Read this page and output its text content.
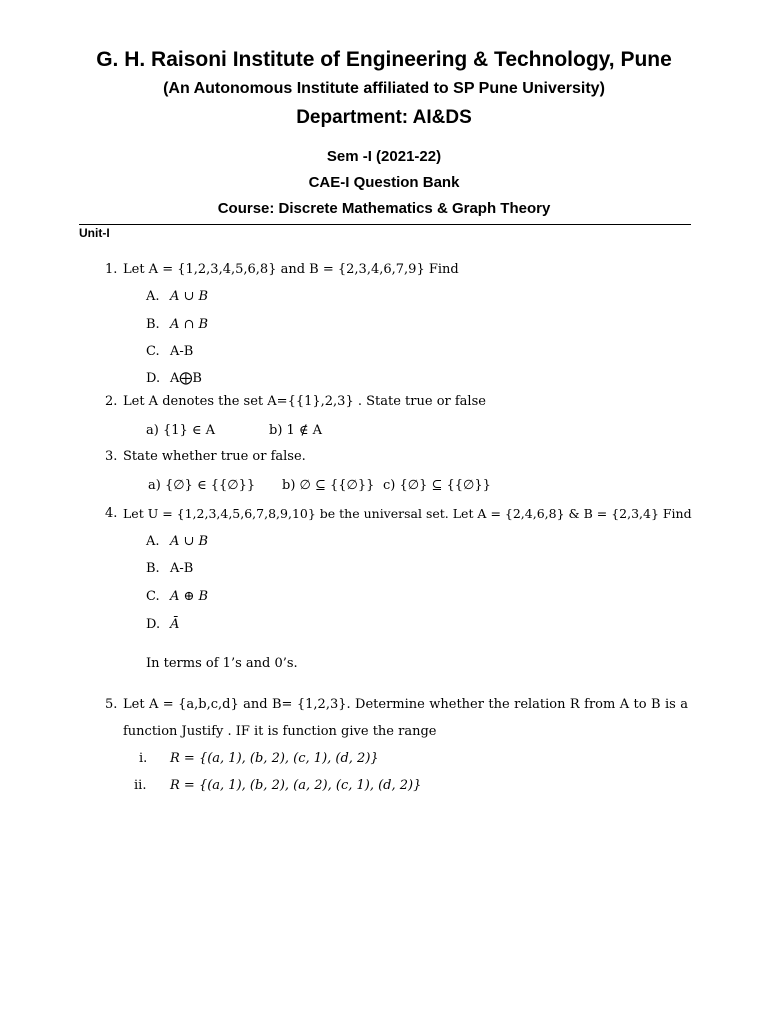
G. H. Raisoni Institute of Engineering & Technology, Pune
(An Autonomous Institute affiliated to SP Pune University)
Department: AI&DS
Sem -I (2021-22)
CAE-I Question Bank
Course: Discrete Mathematics & Graph Theory
Unit-I
1. Let A = {1,2,3,4,5,6,8} and B = {2,3,4,6,7,9} Find
A. A ∪ B
B. A ∩ B
C. A-B
D. A⨁B
2. Let A denotes the set A={{1},2,3} . State true or false
a) {1} ∈ A	b) 1 ∉ A
3. State whether true or false.
a) {∅} ∈ {{∅}} b) ∅ ⊆ {{∅}} c) {∅} ⊆ {{∅}}
4. Let U = {1,2,3,4,5,6,7,8,9,10} be the universal set. Let A = {2,4,6,8} & B = {2,3,4} Find
A. A ∪ B
B. A-B
C. A ⊕ B
D. Ā
In terms of 1’s and 0’s.
5. Let A = {a,b,c,d} and B= {1,2,3}. Determine whether the relation R from A to B is a
function Justify . IF it is function give the range
i. R = {(a, 1), (b, 2), (c, 1), (d, 2)}
ii. R = {(a, 1), (b, 2), (a, 2), (c, 1), (d, 2)}
